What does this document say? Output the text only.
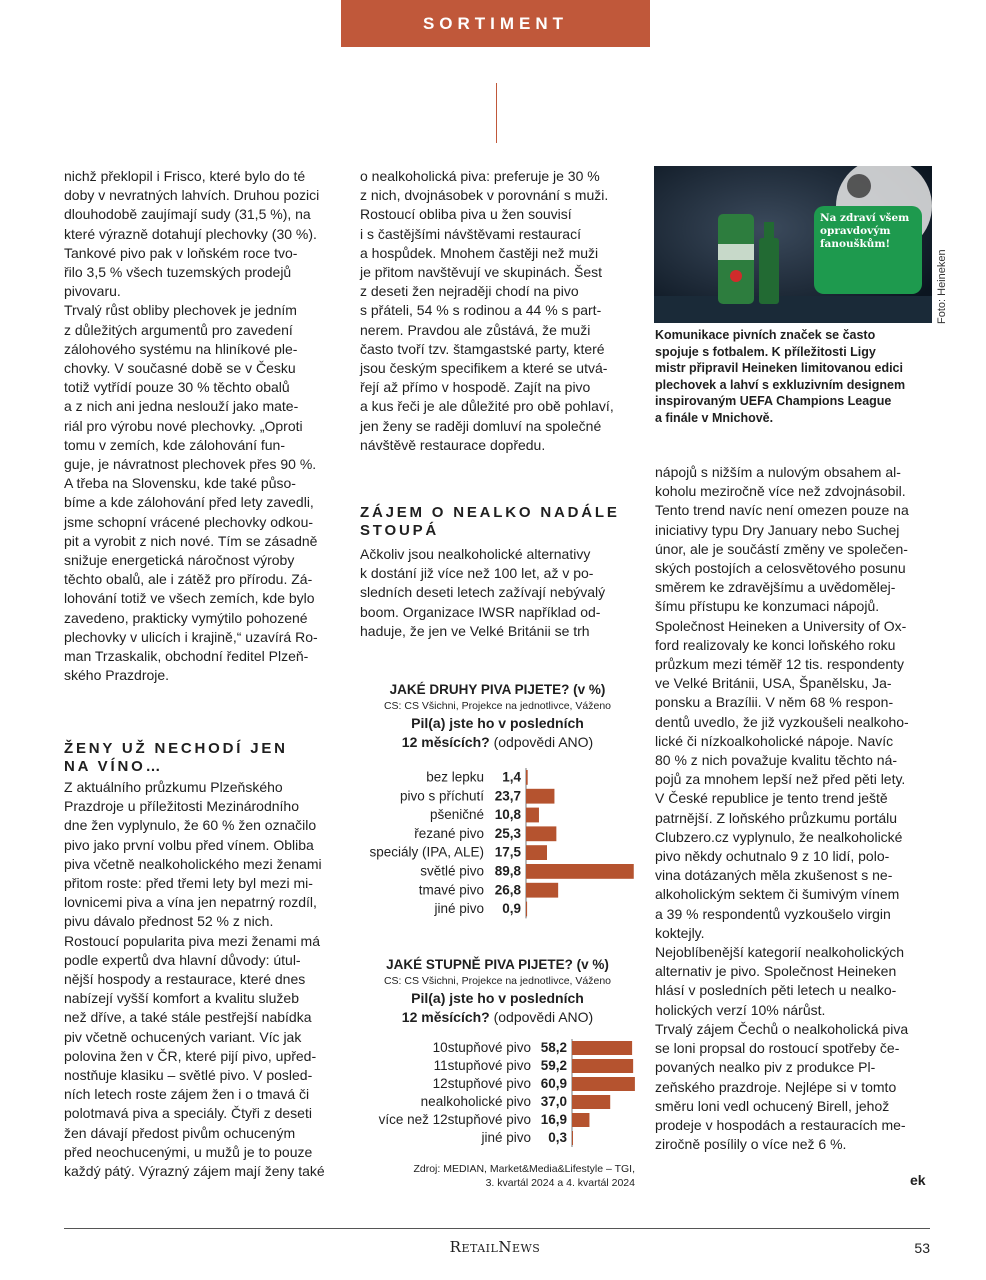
SORTIMENT
nichž překlopil i Frisco, které bylo do té
doby v nevratných lahvích. Druhou pozici
dlouhodobě zaujímají sudy (31,5 %), na
které výrazně dotahují plechovky (30 %).
Tankové pivo pak v loňském roce tvo-
řilo 3,5 % všech tuzemských prodejů
pivovaru.
Trvalý růst obliby plechovek je jedním
z důležitých argumentů pro zavedení
zálohového systému na hliníkové ple-
chovky. V současné době se v Česku
totiž vytřídí pouze 30 % těchto obalů
a z nich ani jedna neslouží jako mate-
riál pro výrobu nové plechovky. „Oproti
tomu v zemích, kde zálohování fun-
guje, je návratnost plechovek přes 90 %.
A třeba na Slovensku, kde také půso-
bíme a kde zálohování před lety zavedli,
jsme schopní vrácené plechovky odkou-
pit a vyrobit z nich nové. Tím se zásadně
snižuje energetická náročnost výroby
těchto obalů, ale i zátěž pro přírodu. Zá-
lohování totiž ve všech zemích, kde bylo
zavedeno, prakticky vymýtilo pohozené
plechovky v ulicích i krajině,“ uzavírá Ro-
man Trzaskalik, obchodní ředitel Plzeň-
ského Prazdroje.
ŽENY UŽ NECHODÍ JEN
NA VÍNO…
Z aktuálního průzkumu Plzeňského
Prazdroje u příležitosti Mezinárodního
dne žen vyplynulo, že 60 % žen označilo
pivo jako první volbu před vínem. Obliba
piva včetně nealkoholického mezi ženami
přitom roste: před třemi lety byl mezi mi-
lovnicemi piva a vína jen nepatrný rozdíl,
pivu dávalo přednost 52 % z nich.
Rostoucí popularita piva mezi ženami má
podle expertů dva hlavní důvody: útul-
nější hospody a restaurace, které dnes
nabízejí vyšší komfort a kvalitu služeb
než dříve, a také stále pestřejší nabídka
piv včetně ochucených variant. Víc jak
polovina žen v ČR, které pijí pivo, upřed-
nostňuje klasiku – světlé pivo. V posled-
ních letech roste zájem žen i o tmavá či
polotmavá piva a speciály. Čtyři z deseti
žen dávají předost pivům ochuceným
před neochucenými, u mužů je to pouze
každý pátý. Výrazný zájem mají ženy také
o nealkoholická piva: preferuje je 30 %
z nich, dvojnásobek v porovnání s muži.
Rostoucí obliba piva u žen souvisí
i s častějšími návštěvami restaurací
a hospůdek. Mnohem častěji než muži
je přitom navštěvují ve skupinách. Šest
z deseti žen nejraději chodí na pivo
s přáteli, 54 % s rodinou a 44 % s part-
nerem. Pravdou ale zůstává, že muži
často tvoří tzv. štamgastské party, které
jsou českým specifikem a které se utvá-
řejí až přímo v hospodě. Zajít na pivo
a kus řeči je ale důležité pro obě pohlaví,
jen ženy se raději domluví na společné
návštěvě restaurace dopředu.
ZÁJEM O NEALKO NADÁLE
STOUPÁ
Ačkoliv jsou nealkoholické alternativy
k dostání již více než 100 let, až v po-
sledních deseti letech zažívají nebývalý
boom. Organizace IWSR například od-
haduje, že jen ve Velké Británii se trh
Na zdraví všem
opravdovým
fanouškům!
Foto: Heineken
Komunikace pivních značek se často
spojuje s fotbalem. K příležitosti Ligy
mistr připravil Heineken limitovanou edici
plechovek a lahví s exkluzivním designem
inspirovaným UEFA Champions League
a finále v Mnichově.
nápojů s nižším a nulovým obsahem al-
koholu meziročně více než zdvojnásobil.
Tento trend navíc není omezen pouze na
iniciativy typu Dry January nebo Suchej
únor, ale je součástí změny ve společen-
ských postojích a celosvětového posunu
směrem ke zdravějšímu a uvědomělej-
šímu přístupu ke konzumaci nápojů.
Společnost Heineken a University of Ox-
ford realizovaly ke konci loňského roku
průzkum mezi téměř 12 tis. respondenty
ve Velké Británii, USA, Španělsku, Ja-
ponsku a Brazílii. V něm 68 % respon-
dentů uvedlo, že již vyzkoušeli nealkoho-
lické či nízkoalkoholické nápoje. Navíc
80 % z nich považuje kvalitu těchto ná-
pojů za mnohem lepší než před pěti lety.
V České republice je tento trend ještě
patrnější. Z loňského průzkumu portálu
Clubzero.cz vyplynulo, že nealkoholické
pivo někdy ochutnalo 9 z 10 lidí, polo-
vina dotázaných měla zkušenost s ne-
alkoholickým sektem či šumivým vínem
a 39 % respondentů vyzkoušelo virgin
koktejly.
Nejoblíbenější kategorií nealkoholických
alternativ je pivo. Společnost Heineken
hlásí v posledních pěti letech u nealko-
holických verzí 10% nárůst.
Trvalý zájem Čechů o nealkoholická piva
se loni propsal do rostoucí spotřeby če-
povaných nealko piv z produkce Pl-
zeňského prazdroje. Nejlépe si v tomto
směru loni vedl ochucený Birell, jehož
prodeje v hospodách a restauracích me-
ziročně posílily o více než 6 %.
JAKÉ DRUHY PIVA PIJETE? (v %)
CS: CS Všichni, Projekce na jednotlivce, Váženo
Pil(a) jste ho v posledních
12 měsících? (odpovědi ANO)
bez lepku 1,4
pivo s příchutí 23,7
pšeničné 10,8
řezané pivo 25,3
speciály (IPA, ALE) 17,5
světlé pivo 89,8
tmavé pivo 26,8
jiné pivo 0,9
JAKÉ STUPNĚ PIVA PIJETE? (v %)
CS: CS Všichni, Projekce na jednotlivce, Váženo
Pil(a) jste ho v posledních
12 měsících? (odpovědi ANO)
10stupňové pivo 58,2
11stupňové pivo 59,2
12stupňové pivo 60,9
nealkoholické pivo 37,0
více než 12stupňové pivo 16,9
jiné pivo 0,3
Zdroj: MEDIAN, Market&Media&Lifestyle – TGI,
3. kvartál 2024 a 4. kvartál 2024	ek
RetailNews	53
